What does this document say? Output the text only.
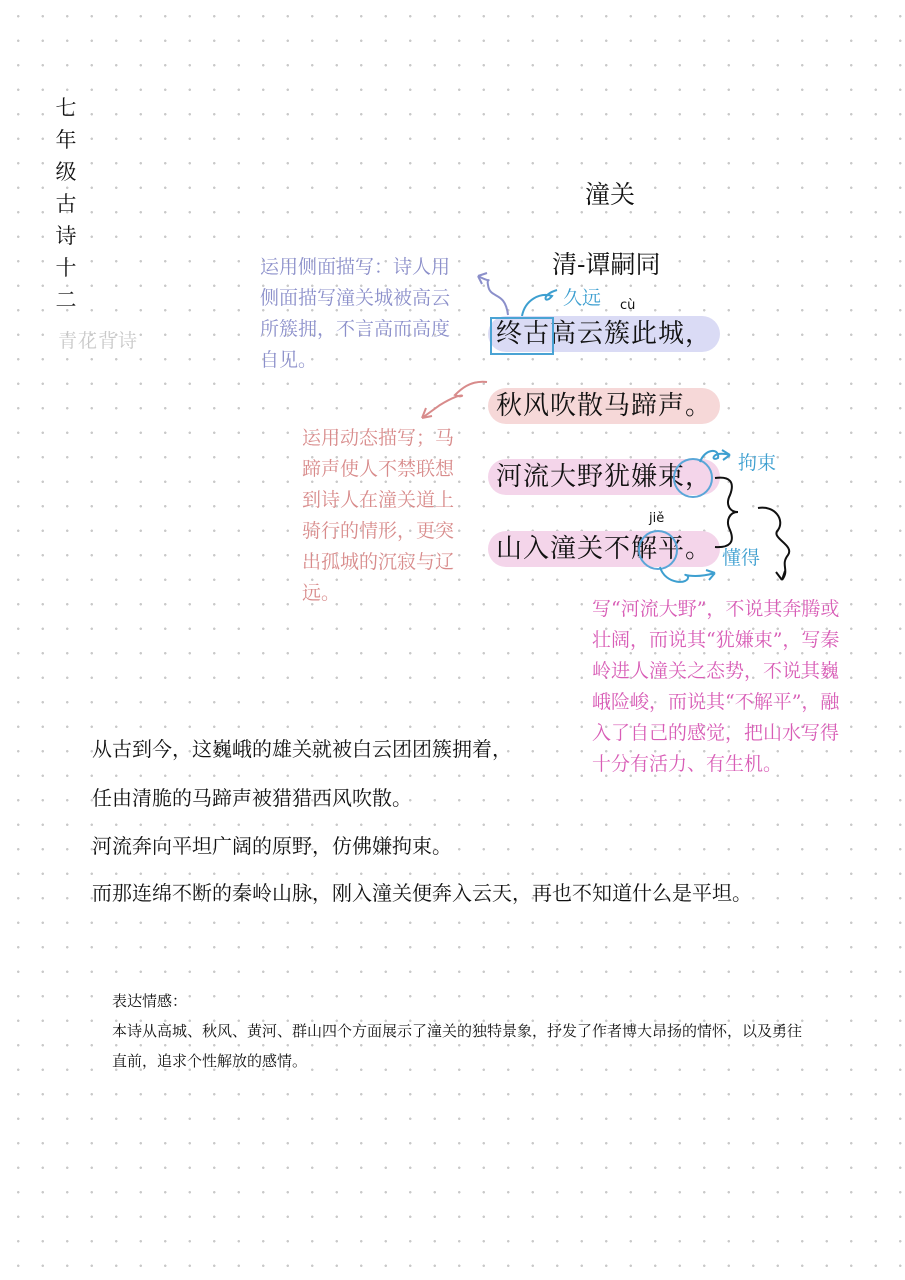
七
年
级
古
诗
十
二
青花背诗
潼关
清-谭嗣同
终古高云簇此城，
秋风吹散马蹄声。
河流大野犹嫌束，
山入潼关不解平。
cù
jiě
久远
拘束
懂得
运用侧面描写：诗人用侧面描写潼关城被高云所簇拥，不言高而高度自见。
运用动态描写；马蹄声使人不禁联想到诗人在潼关道上骑行的情形，更突出孤城的沉寂与辽远。
写“河流大野”，不说其奔腾或壮阔，而说其“犹嫌束”，写秦岭进人潼关之态势，不说其巍峨险峻，而说其“不解平”，融入了自己的感觉，把山水写得十分有活力、有生机。
从古到今，这巍峨的雄关就被白云团团簇拥着，
任由清脆的马蹄声被猎猎西风吹散。
河流奔向平坦广阔的原野，仿佛嫌拘束。
而那连绵不断的秦岭山脉，刚入潼关便奔入云天，再也不知道什么是平坦。
表达情感：
本诗从高城、秋风、黄河、群山四个方面展示了潼关的独特景象，抒发了作者博大昂扬的情怀，以及勇往直前，追求个性解放的感情。
